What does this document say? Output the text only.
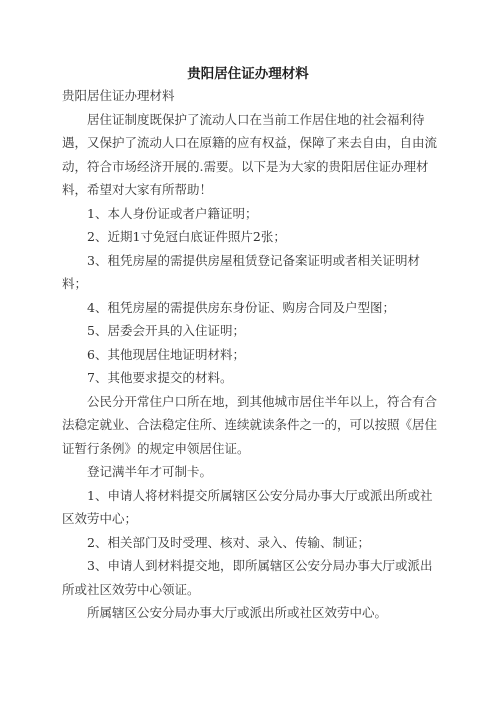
贵阳居住证办理材料

贵阳居住证办理材料

居住证制度既保护了流动人口在当前工作居住地的社会福利待遇，又保护了流动人口在原籍的应有权益，保障了来去自由，自由流动，符合市场经济开展的.需要。以下是为大家的贵阳居住证办理材料，希望对大家有所帮助！

1、本人身份证或者户籍证明；

2、近期1寸免冠白底证件照片2张；

3、租凭房屋的需提供房屋租赁登记备案证明或者相关证明材料；

4、租凭房屋的需提供房东身份证、购房合同及户型图；

5、居委会开具的入住证明；

6、其他现居住地证明材料；

7、其他要求提交的材料。

公民分开常住户口所在地，到其他城市居住半年以上，符合有合法稳定就业、合法稳定住所、连续就读条件之一的，可以按照《居住证暂行条例》的规定申领居住证。

登记满半年才可制卡。

1、申请人将材料提交所属辖区公安分局办事大厅或派出所或社区效劳中心；

2、相关部门及时受理、核对、录入、传输、制证；

3、申请人到材料提交地，即所属辖区公安分局办事大厅或派出所或社区效劳中心领证。

所属辖区公安分局办事大厅或派出所或社区效劳中心。
